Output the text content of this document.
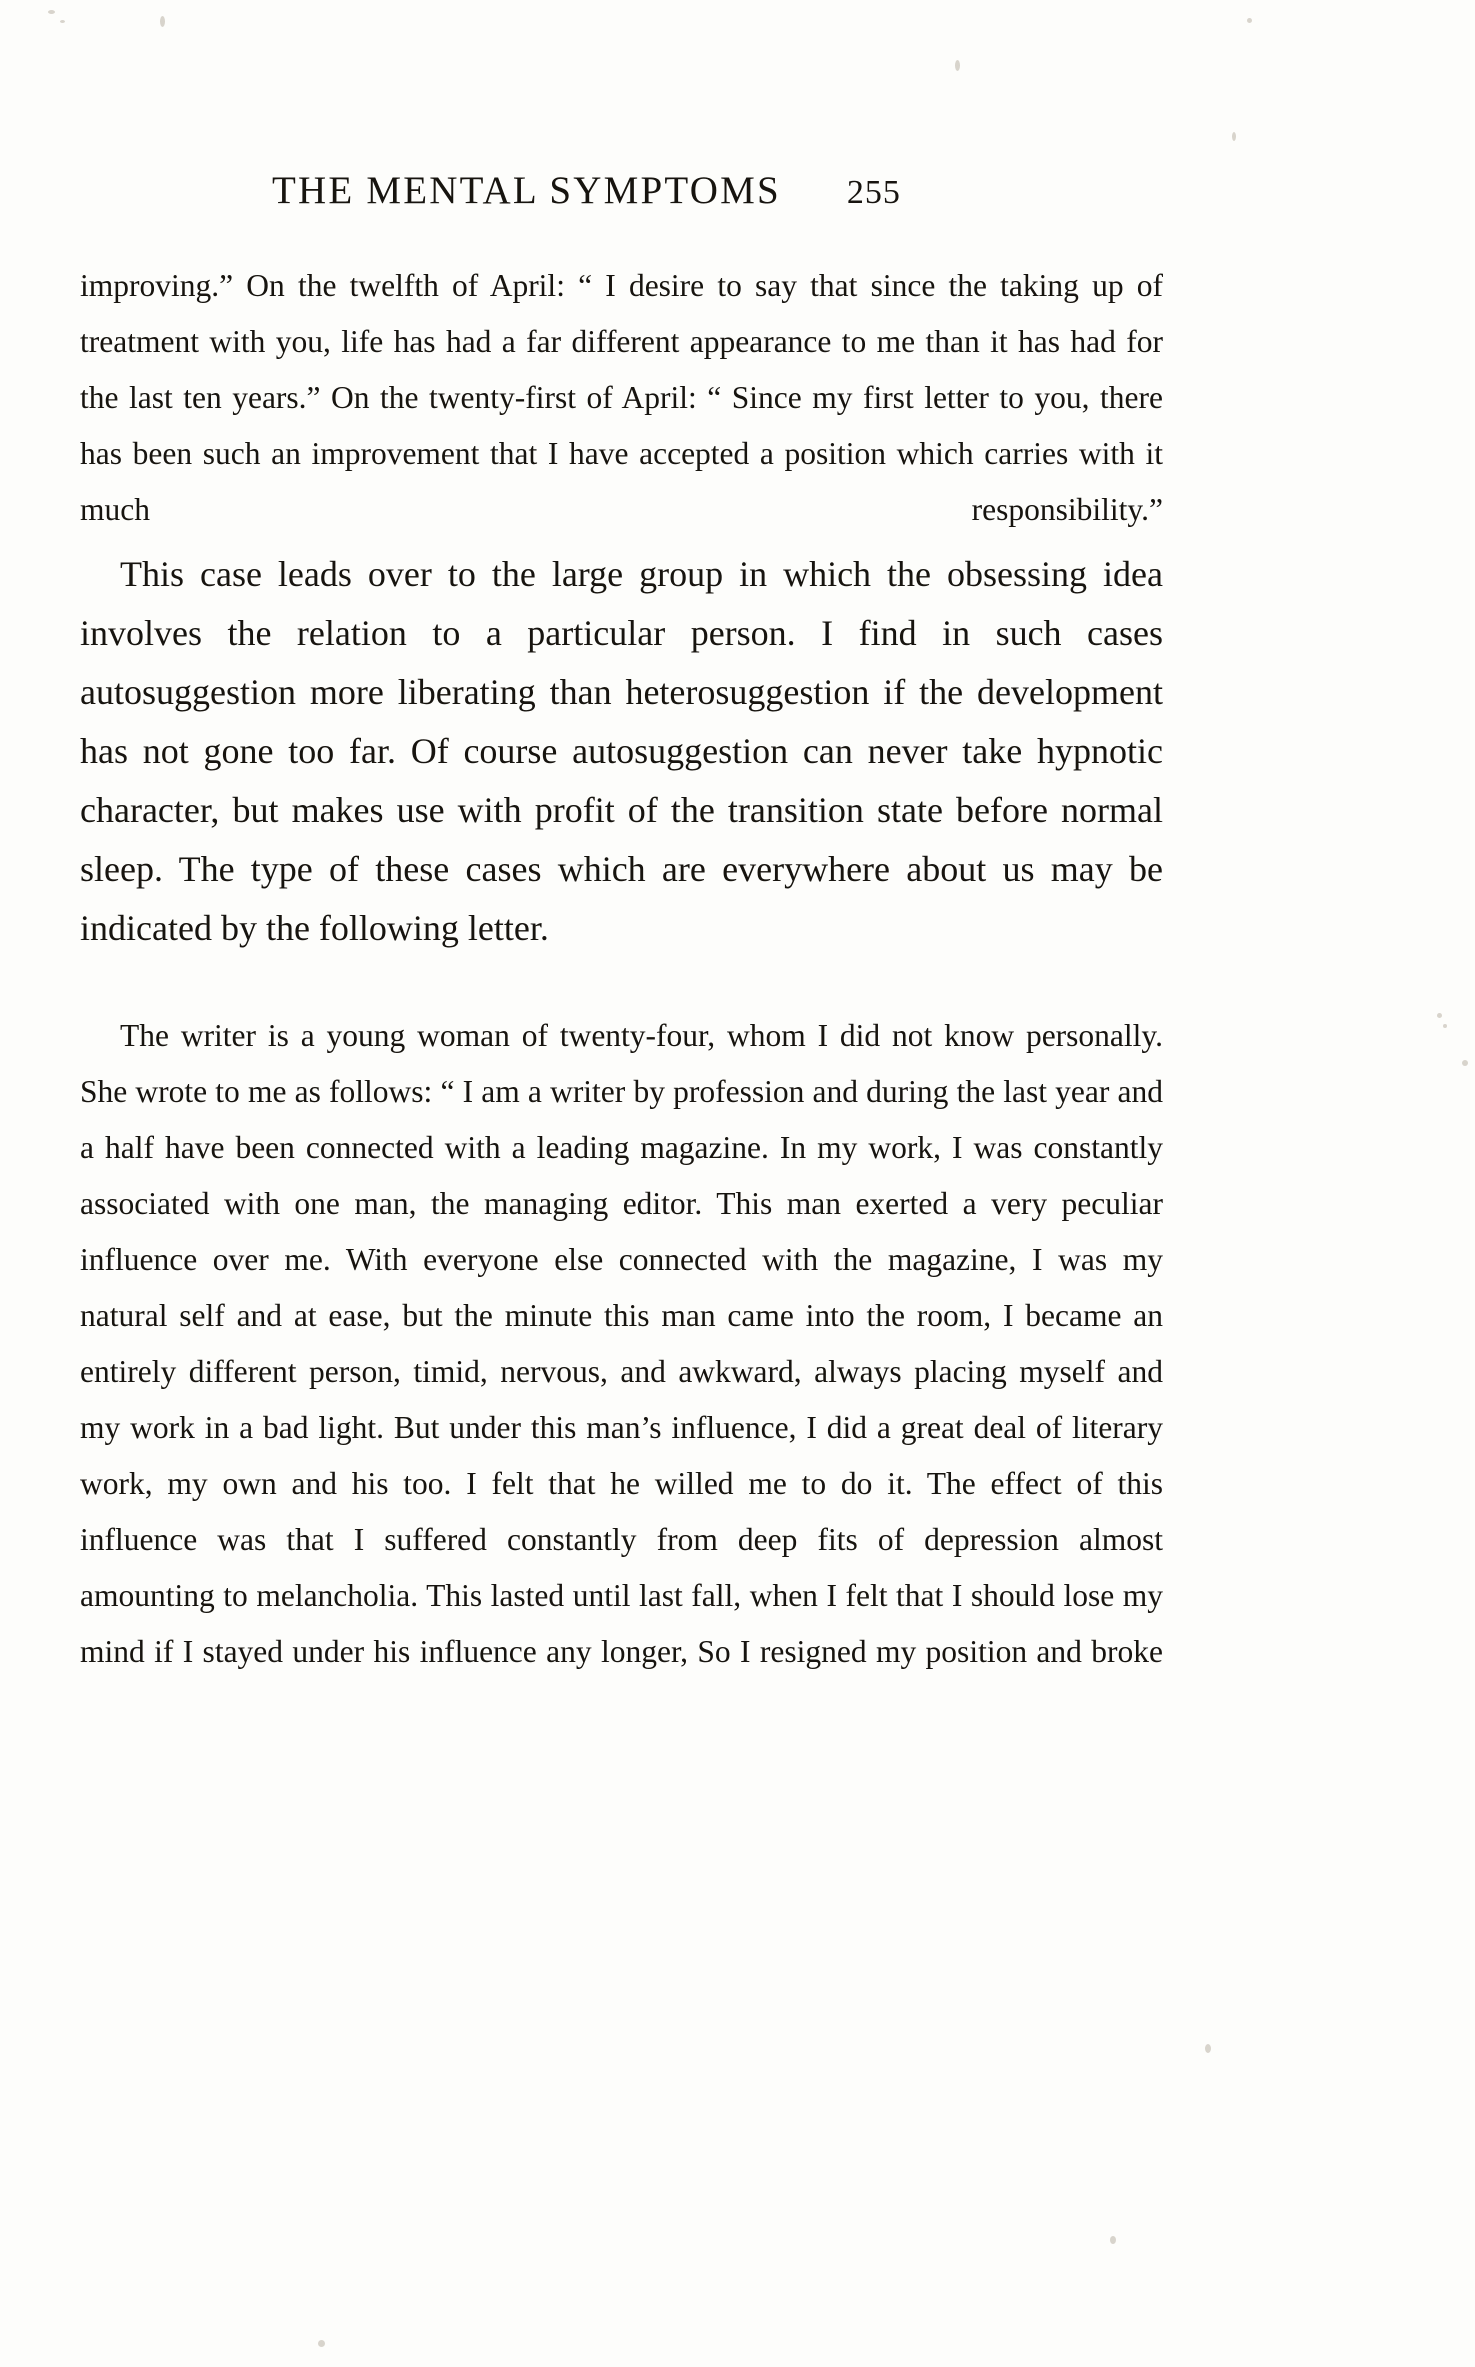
THE MENTAL SYMPTOMS 255

improving.” On the twelfth of April: “ I desire to say that since the taking up of treatment with you, life has had a far different appearance to me than it has had for the last ten years.” On the twenty-first of April: “ Since my first letter to you, there has been such an improvement that I have accepted a position which carries with it much responsibility.”

This case leads over to the large group in which the obsessing idea involves the relation to a particular person. I find in such cases autosuggestion more liberating than heterosuggestion if the development has not gone too far. Of course autosuggestion can never take hypnotic character, but makes use with profit of the transition state before normal sleep. The type of these cases which are everywhere about us may be indicated by the following letter.

The writer is a young woman of twenty-four, whom I did not know personally. She wrote to me as follows: “ I am a writer by profession and during the last year and a half have been connected with a leading magazine. In my work, I was constantly associated with one man, the managing editor. This man exerted a very peculiar influence over me. With everyone else connected with the magazine, I was my natural self and at ease, but the minute this man came into the room, I became an entirely different person, timid, nervous, and awkward, always placing myself and my work in a bad light. But under this man’s influence, I did a great deal of literary work, my own and his too. I felt that he willed me to do it. The effect of this influence was that I suffered constantly from deep fits of depression almost amounting to melancholia. This lasted until last fall, when I felt that I should lose my mind if I stayed under his influence any longer, So I resigned my position and broke
